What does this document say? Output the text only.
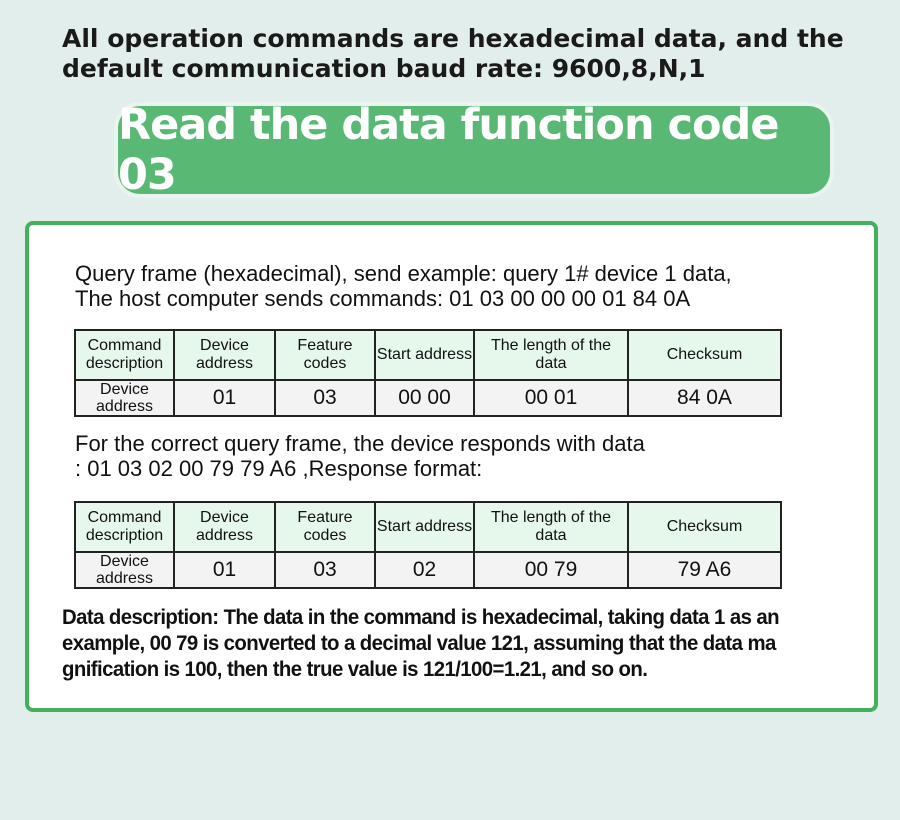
All operation commands are hexadecimal data, and the
default communication baud rate: 9600,8,N,1
Read the data function code 03
Query frame (hexadecimal), send example: query 1# device 1 data,
The host computer sends commands: 01 03 00 00 00 01 84 0A
Command description	Device address	Feature codes	Start address	The length of the data	Checksum
Device address	01	03	00 00	00 01	84 0A
For the correct query frame, the device responds with data
: 01 03 02 00 79 79 A6 ,Response format:
Command description	Device address	Feature codes	Start address	The length of the data	Checksum
Device address	01	03	02	00 79	79 A6
Data description: The data in the command is hexadecimal, taking data 1 as an
example, 00 79 is converted to a decimal value 121, assuming that the data ma
gnification is 100, then the true value is 121/100=1.21, and so on.
